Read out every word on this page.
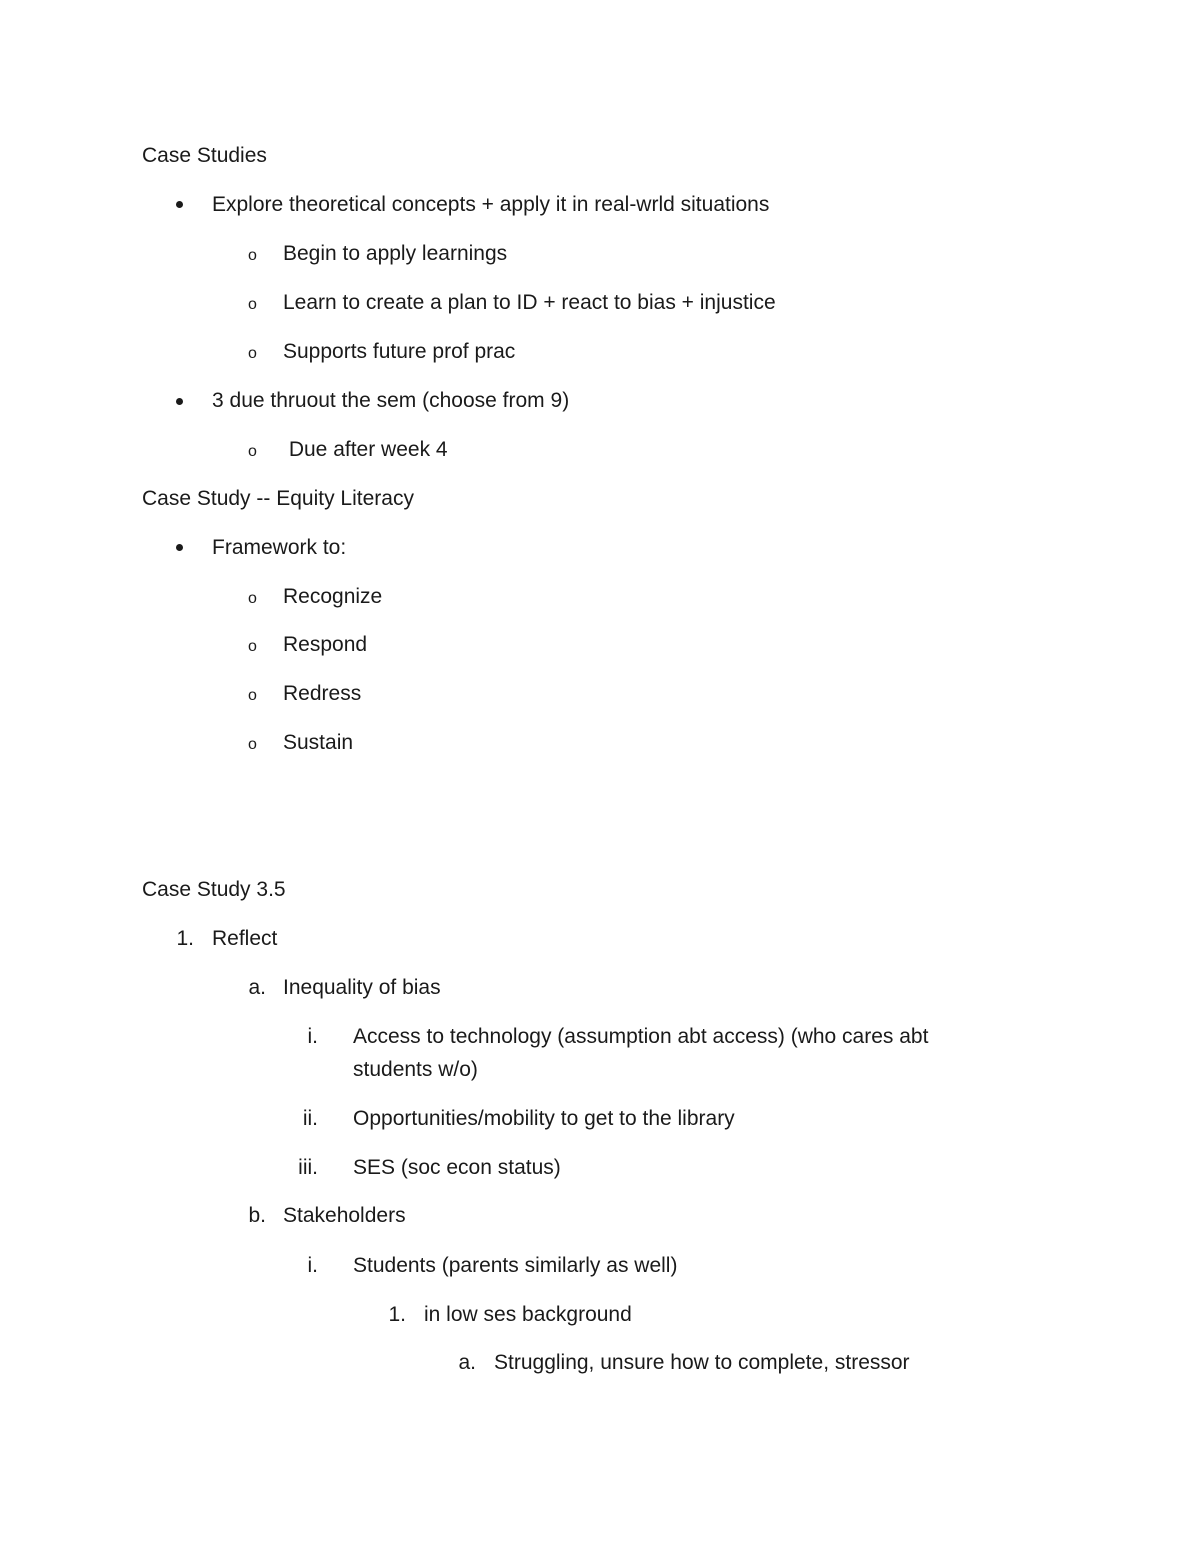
Case Studies
Explore theoretical concepts + apply it in real-wrld situations
o Begin to apply learnings
o Learn to create a plan to ID + react to bias + injustice
o Supports future prof prac
3 due thruout the sem (choose from 9)
o Due after week 4
Case Study -- Equity Literacy
Framework to:
o Recognize
o Respond
o Redress
o Sustain
Case Study 3.5
1. Reflect
a. Inequality of bias
i. Access to technology (assumption abt access) (who cares abt
students w/o)
ii. Opportunities/mobility to get to the library
iii. SES (soc econ status)
b. Stakeholders
i. Students (parents similarly as well)
1. in low ses background
a. Struggling, unsure how to complete, stressor
